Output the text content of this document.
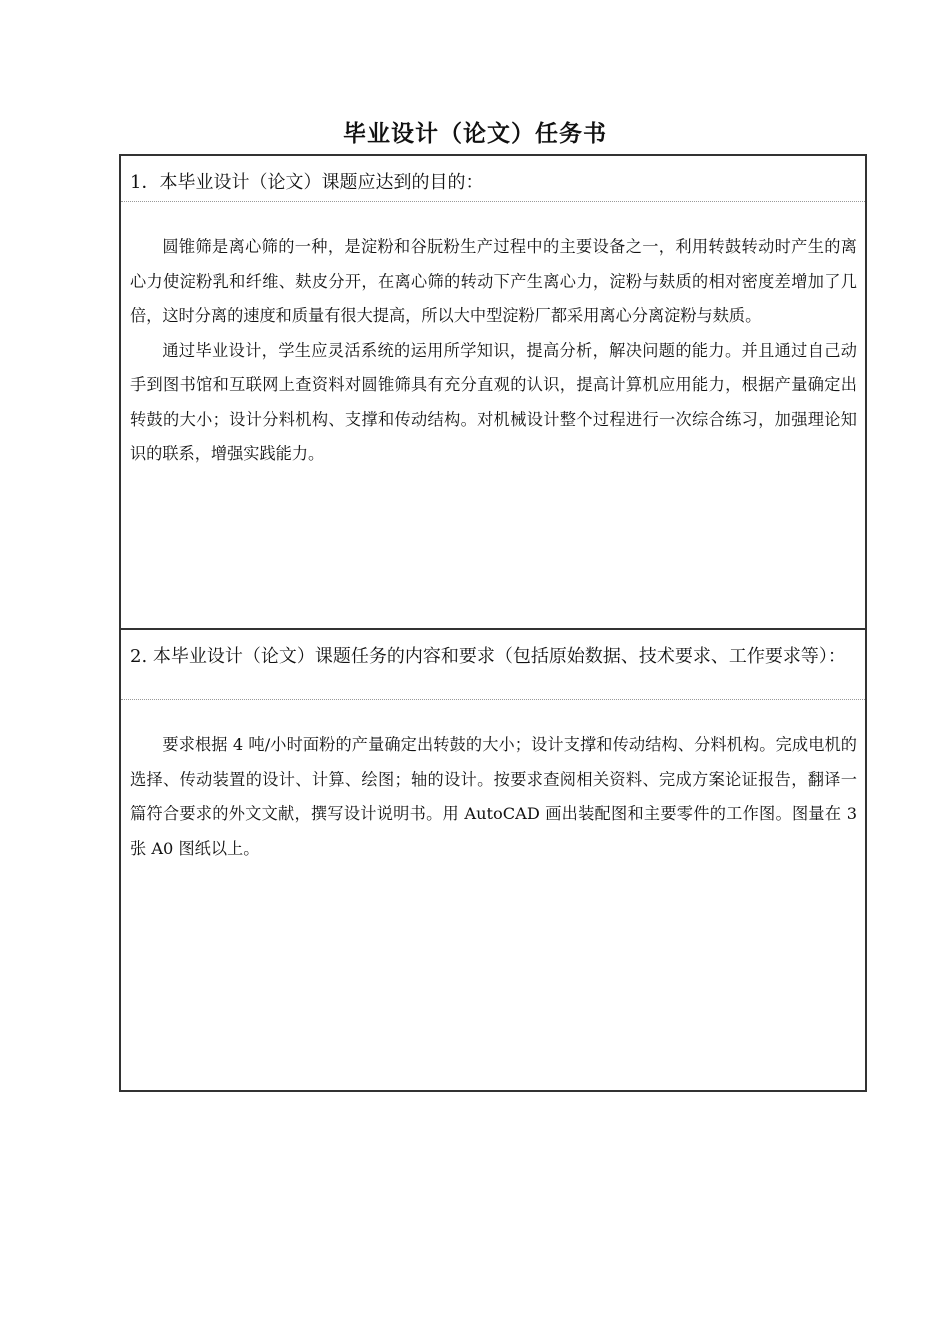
毕业设计（论文）任务书
1．本毕业设计（论文）课题应达到的目的：

圆锥筛是离心筛的一种，是淀粉和谷朊粉生产过程中的主要设备之一，利用转鼓转动时产生的离心力使淀粉乳和纤维、麸皮分开，在离心筛的转动下产生离心力，淀粉与麸质的相对密度差增加了几倍，这时分离的速度和质量有很大提高，所以大中型淀粉厂都采用离心分离淀粉与麸质。

通过毕业设计，学生应灵活系统的运用所学知识，提高分析，解决问题的能力。并且通过自己动手到图书馆和互联网上查资料对圆锥筛具有充分直观的认识，提高计算机应用能力，根据产量确定出转鼓的大小；设计分料机构、支撑和传动结构。对机械设计整个过程进行一次综合练习，加强理论知识的联系，增强实践能力。

2. 本毕业设计（论文）课题任务的内容和要求（包括原始数据、技术要求、工作要求等）：

要求根据 4 吨/小时面粉的产量确定出转鼓的大小；设计支撑和传动结构、分料机构。完成电机的选择、传动装置的设计、计算、绘图；轴的设计。按要求查阅相关资料、完成方案论证报告，翻译一篇符合要求的外文文献，撰写设计说明书。用 AutoCAD 画出装配图和主要零件的工作图。图量在 3 张 A0 图纸以上。
